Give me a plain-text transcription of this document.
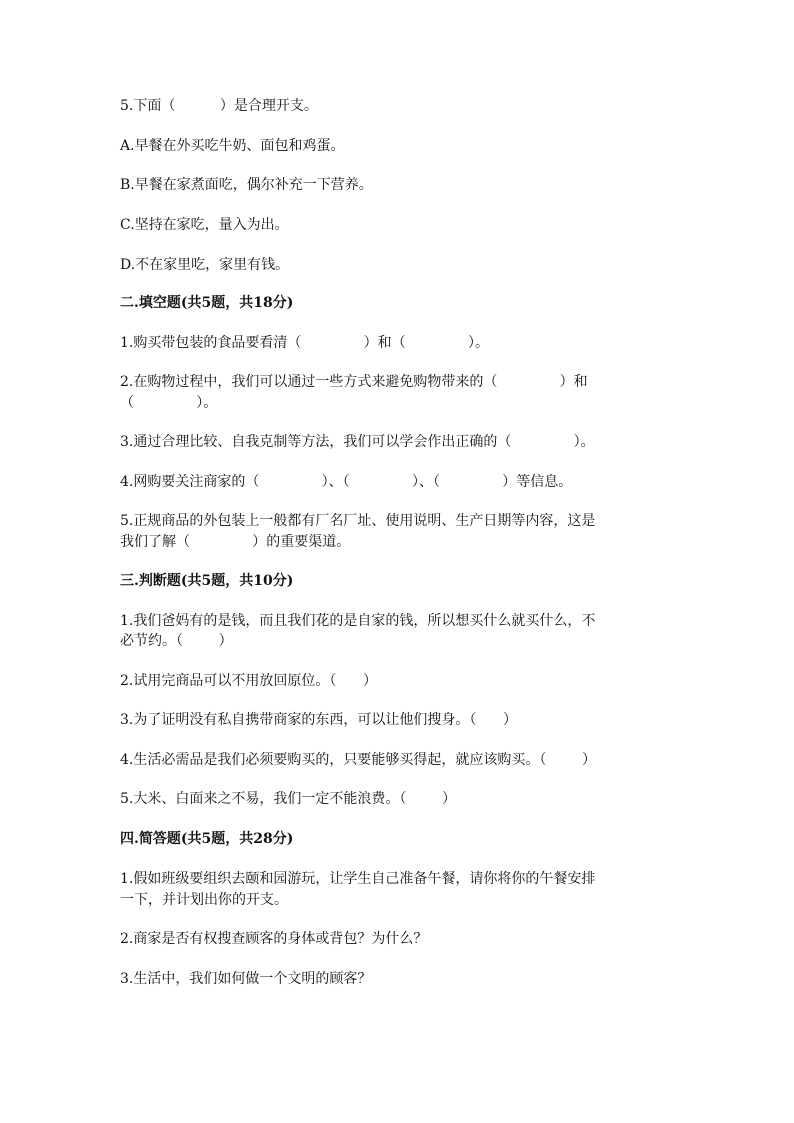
5.下面（          ）是合理开支。

A.早餐在外买吃牛奶、面包和鸡蛋。

B.早餐在家煮面吃，偶尔补充一下营养。

C.坚持在家吃，量入为出。

D.不在家里吃，家里有钱。

二.填空题(共5题，共18分)

1.购买带包装的食品要看清（              ）和（              ）。

2.在购物过程中，我们可以通过一些方式来避免购物带来的（              ）和

（              ）。

3.通过合理比较、自我克制等方法，我们可以学会作出正确的（              ）。

4.网购要关注商家的（              ）、（              ）、（              ）等信息。

5.正规商品的外包装上一般都有厂名厂址、使用说明、生产日期等内容，这是

我们了解（              ）的重要渠道。

三.判断题(共5题，共10分)

1.我们爸妈有的是钱，而且我们花的是自家的钱，所以想买什么就买什么，不

必节约。（        ）

2.试用完商品可以不用放回原位。（      ）

3.为了证明没有私自携带商家的东西，可以让他们搜身。（      ）

4.生活必需品是我们必须要购买的，只要能够买得起，就应该购买。（        ）

5.大米、白面来之不易，我们一定不能浪费。（        ）

四.简答题(共5题，共28分)

1.假如班级要组织去颐和园游玩，让学生自己准备午餐，请你将你的午餐安排

一下，并计划出你的开支。

2.商家是否有权搜查顾客的身体或背包？为什么？

3.生活中，我们如何做一个文明的顾客？
